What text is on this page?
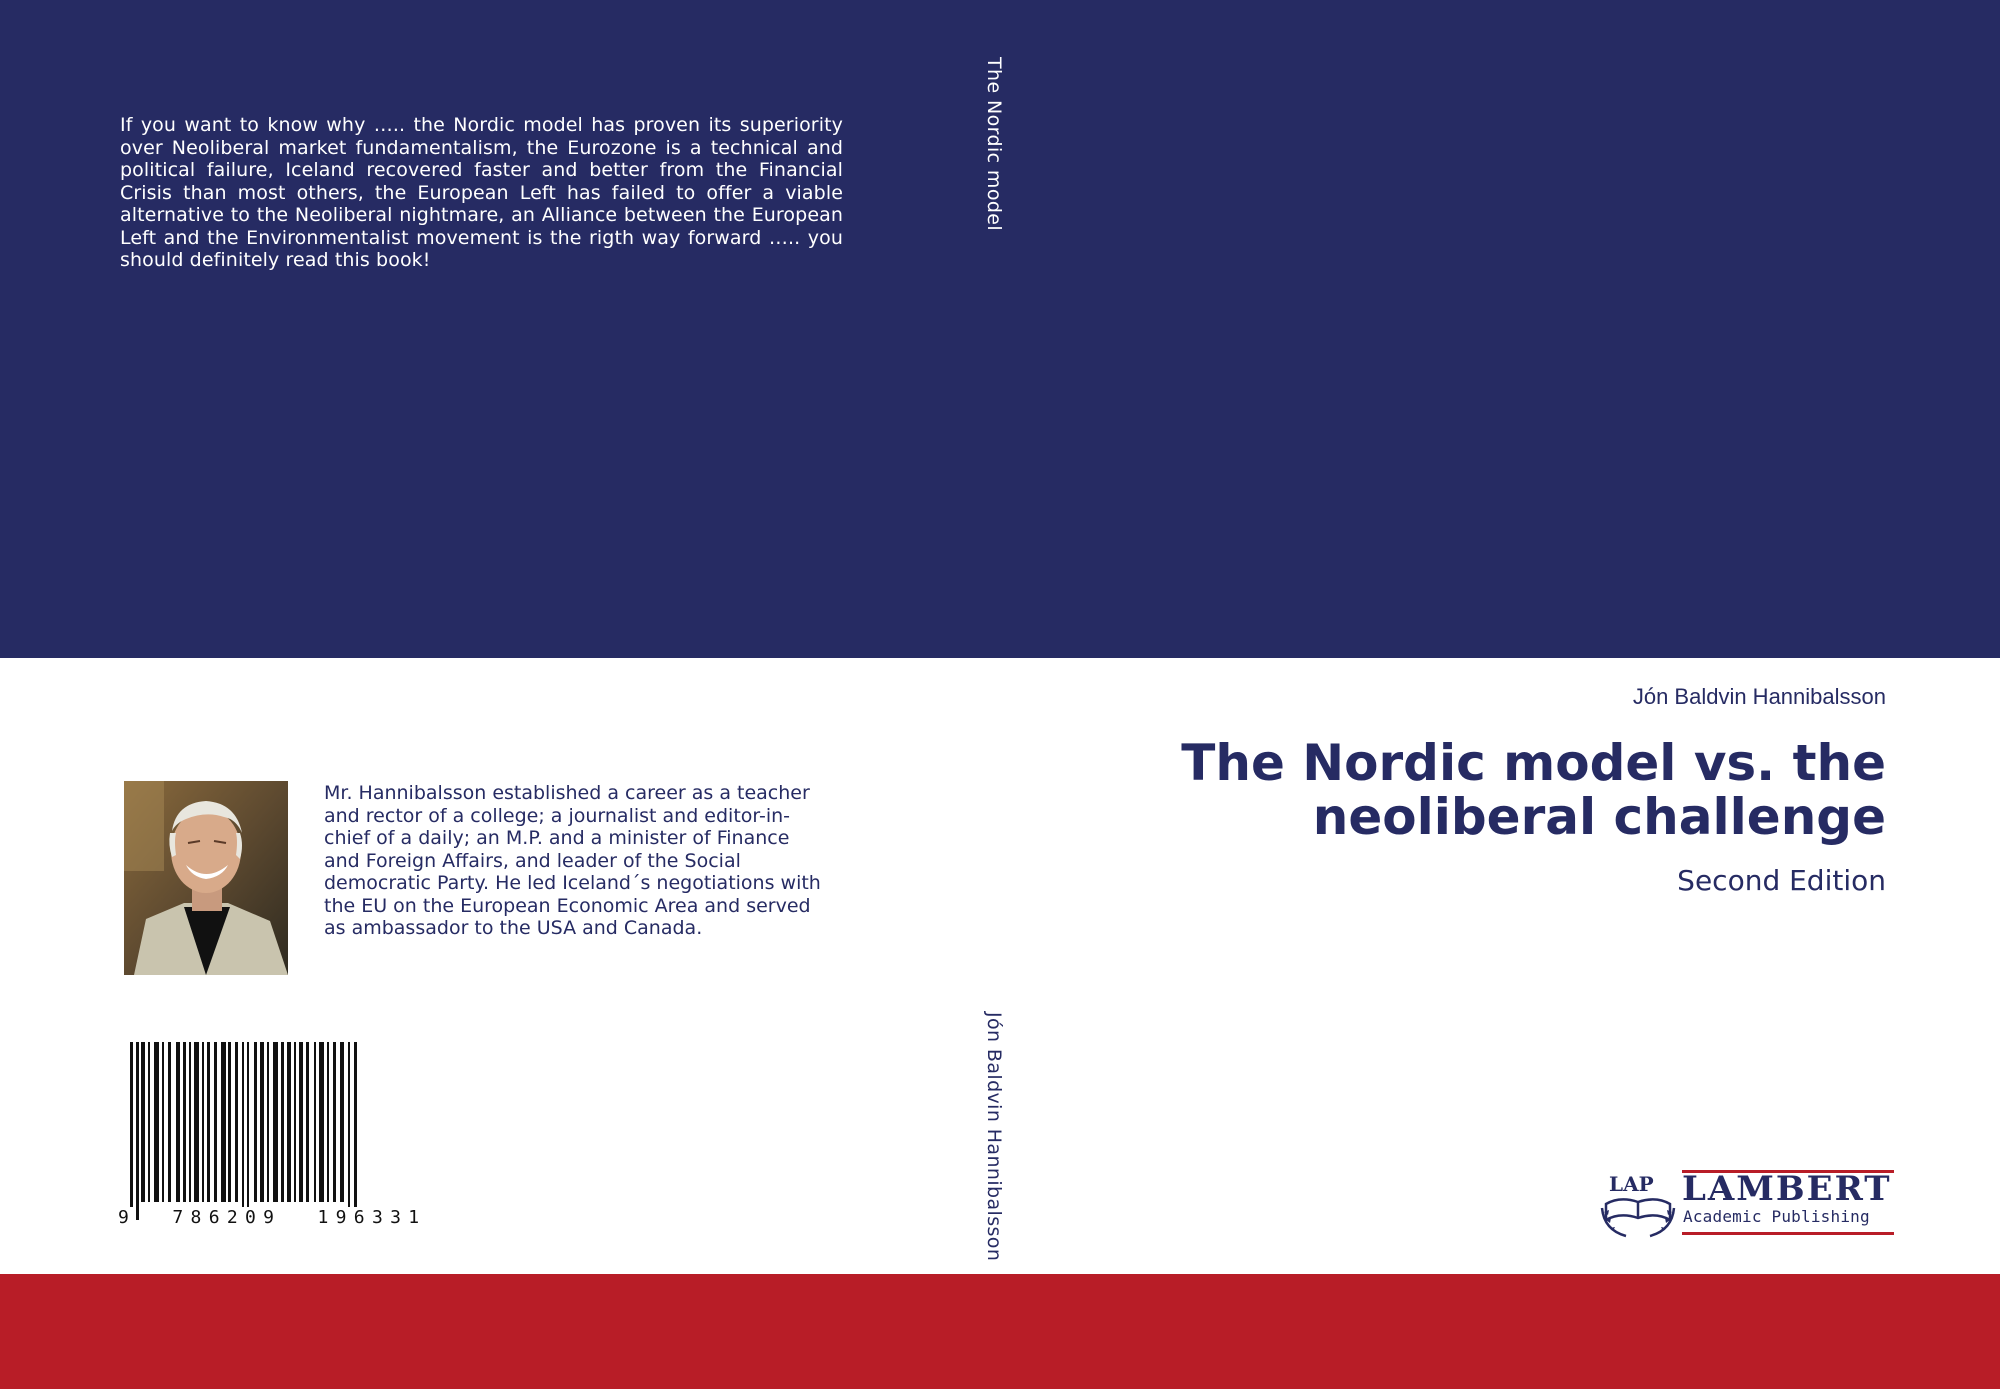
If you want to know why ….. the Nordic model has proven its superiority over Neoliberal market fundamentalism, the Eurozone is a technical and political failure, Iceland recovered faster and better from the Financial Crisis than most others, the European Left has failed to offer a viable alternative to the Neoliberal nightmare, an Alliance between the European Left and the Environmentalist movement is the rigth way forward ….. you should definitely read this book!
The Nordic model
Jón Baldvin Hannibalsson
Mr. Hannibalsson established a career as a teacher and rector of a college; a journalist and editor-in-chief of a daily; an M.P. and a minister of Finance and Foreign Affairs, and leader of the Social democratic Party. He led Iceland´s negotiations with the EU on the European Economic Area and served as ambassador to the USA and Canada.
9 786209 196331
Jón Baldvin Hannibalsson
The Nordic model vs. the neoliberal challenge
Second Edition
LAP LAMBERT
Academic Publishing
